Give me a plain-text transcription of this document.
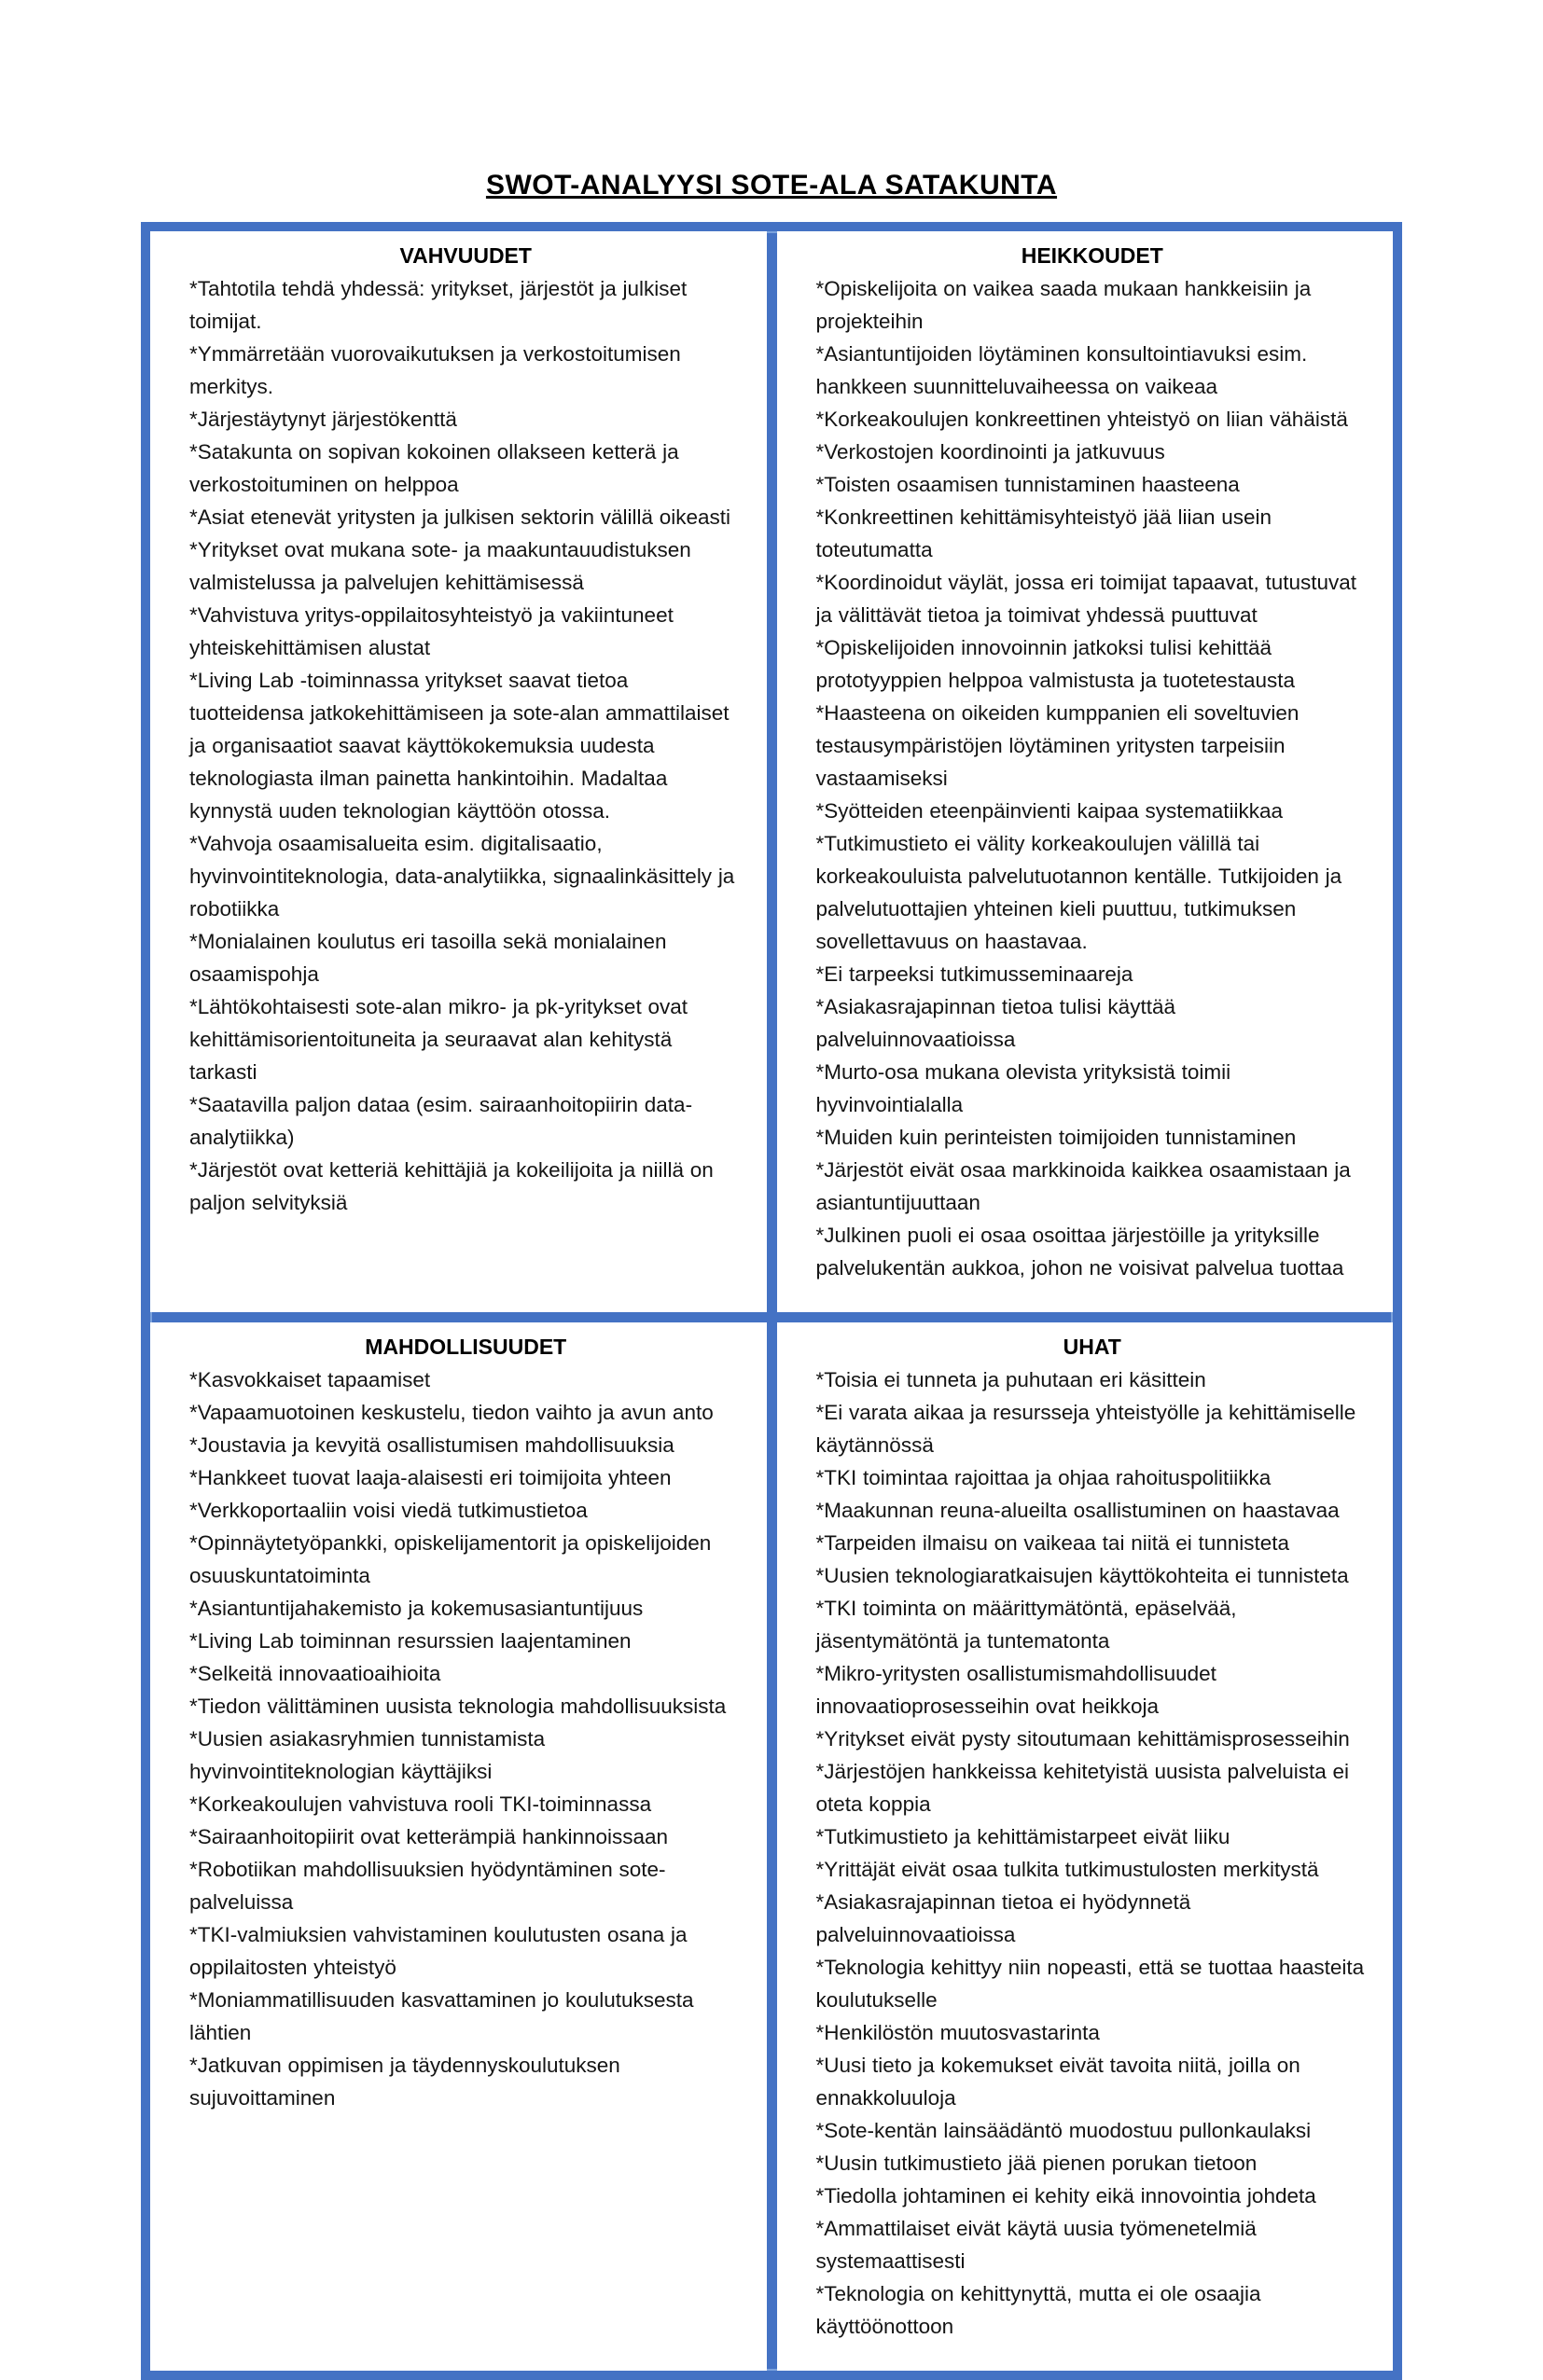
SWOT-ANALYYSI SOTE-ALA SATAKUNTA
VAHVUUDET
*Tahtotila tehdä yhdessä: yritykset, järjestöt ja julkiset toimijat.
*Ymmärretään vuorovaikutuksen ja verkostoitumisen merkitys.
*Järjestäytynyt järjestökenttä
*Satakunta on sopivan kokoinen ollakseen ketterä ja verkostoituminen on helppoa
*Asiat etenevät yritysten ja julkisen sektorin välillä oikeasti
*Yritykset ovat mukana sote- ja maakuntauudistuksen valmistelussa ja palvelujen kehittämisessä
*Vahvistuva yritys-oppilaitosyhteistyö ja vakiintuneet yhteiskehittämisen alustat
*Living Lab -toiminnassa yritykset saavat tietoa tuotteidensa jatkokehittämiseen ja sote-alan ammattilaiset ja organisaatiot saavat käyttökokemuksia uudesta teknologiasta ilman painetta hankintoihin. Madaltaa kynnystä uuden teknologian käyttöön otossa.
*Vahvoja osaamisalueita esim. digitalisaatio, hyvinvointiteknologia, data-analytiikka, signaalinkäsittely ja robotiikka
*Monialainen koulutus eri tasoilla sekä monialainen osaamispohja
*Lähtökohtaisesti sote-alan mikro- ja pk-yritykset ovat kehittämisorientoituneita ja seuraavat alan kehitystä tarkasti
*Saatavilla paljon dataa (esim. sairaanhoitopiirin data-analytiikka)
*Järjestöt ovat ketteriä kehittäjiä ja kokeilijoita ja niillä on paljon selvityksiä
HEIKKOUDET
*Opiskelijoita on vaikea saada mukaan hankkeisiin ja projekteihin
*Asiantuntijoiden löytäminen konsultointiavuksi esim. hankkeen suunnitteluvaiheessa on vaikeaa
*Korkeakoulujen konkreettinen yhteistyö on liian vähäistä
*Verkostojen koordinointi ja jatkuvuus
*Toisten osaamisen tunnistaminen haasteena
*Konkreettinen kehittämisyhteistyö jää liian usein toteutumatta
*Koordinoidut väylät, jossa eri toimijat tapaavat, tutustuvat ja välittävät tietoa ja toimivat yhdessä puuttuvat
*Opiskelijoiden innovoinnin jatkoksi tulisi kehittää prototyyppien helppoa valmistusta ja tuotetestausta
*Haasteena on oikeiden kumppanien eli soveltuvien testausympäristöjen löytäminen yritysten tarpeisiin vastaamiseksi
*Syötteiden eteenpäinvienti kaipaa systematiikkaa
*Tutkimustieto ei välity korkeakoulujen välillä tai korkeakouluista palvelutuotannon kentälle. Tutkijoiden ja palvelutuottajien yhteinen kieli puuttuu, tutkimuksen sovellettavuus on haastavaa.
*Ei tarpeeksi tutkimusseminaareja
*Asiakasrajapinnan tietoa tulisi käyttää palveluinnovaatioissa
*Murto-osa mukana olevista yrityksistä toimii hyvinvointialalla
*Muiden kuin perinteisten toimijoiden tunnistaminen
*Järjestöt eivät osaa markkinoida kaikkea osaamistaan ja asiantuntijuuttaan
*Julkinen puoli ei osaa osoittaa järjestöille ja yrityksille palvelukentän aukkoa, johon ne voisivat palvelua tuottaa
MAHDOLLISUUDET
*Kasvokkaiset tapaamiset
*Vapaamuotoinen keskustelu, tiedon vaihto ja avun anto
*Joustavia ja kevyitä osallistumisen mahdollisuuksia
*Hankkeet tuovat laaja-alaisesti eri toimijoita yhteen
*Verkkoportaaliin voisi viedä tutkimustietoa
*Opinnäytetyöpankki, opiskelijamentorit ja opiskelijoiden osuuskuntatoiminta
*Asiantuntijahakemisto ja kokemusasiantuntijuus
*Living Lab toiminnan resurssien laajentaminen
*Selkeitä innovaatioaihioita
*Tiedon välittäminen uusista teknologia mahdollisuuksista
*Uusien asiakasryhmien tunnistamista hyvinvointiteknologian käyttäjiksi
*Korkeakoulujen vahvistuva rooli TKI-toiminnassa
*Sairaanhoitopiirit ovat ketterämpiä hankinnoissaan
*Robotiikan mahdollisuuksien hyödyntäminen sote-palveluissa
*TKI-valmiuksien vahvistaminen koulutusten osana ja oppilaitosten yhteistyö
*Moniammatillisuuden kasvattaminen jo koulutuksesta lähtien
*Jatkuvan oppimisen ja täydennyskoulutuksen sujuvoittaminen
UHAT
*Toisia ei tunneta ja puhutaan eri käsittein
*Ei varata aikaa ja resursseja yhteistyölle ja kehittämiselle käytännössä
*TKI toimintaa rajoittaa ja ohjaa rahoituspolitiikka
*Maakunnan reuna-alueilta osallistuminen on haastavaa
*Tarpeiden ilmaisu on vaikeaa tai niitä ei tunnisteta
*Uusien teknologiaratkaisujen käyttökohteita ei tunnisteta
*TKI toiminta on määrittymätöntä, epäselvää, jäsentymätöntä ja tuntematonta
*Mikro-yritysten osallistumismahdollisuudet innovaatioprosesseihin ovat heikkoja
*Yritykset eivät pysty sitoutumaan kehittämisprosesseihin
*Järjestöjen hankkeissa kehitetyistä uusista palveluista ei oteta koppia
*Tutkimustieto ja kehittämistarpeet eivät liiku
*Yrittäjät eivät osaa tulkita tutkimustulosten merkitystä
*Asiakasrajapinnan tietoa ei hyödynnetä palveluinnovaatioissa
*Teknologia kehittyy niin nopeasti, että se tuottaa haasteita koulutukselle
*Henkilöstön muutosvastarinta
*Uusi tieto ja kokemukset eivät tavoita niitä, joilla on ennakkoluuloja
*Sote-kentän lainsäädäntö muodostuu pullonkaulaksi
*Uusin tutkimustieto jää pienen porukan tietoon
*Tiedolla johtaminen ei kehity eikä innovointia johdeta
*Ammattilaiset eivät käytä uusia työmenetelmiä systemaattisesti
*Teknologia on kehittynyttä, mutta ei ole osaajia käyttöönottoon
